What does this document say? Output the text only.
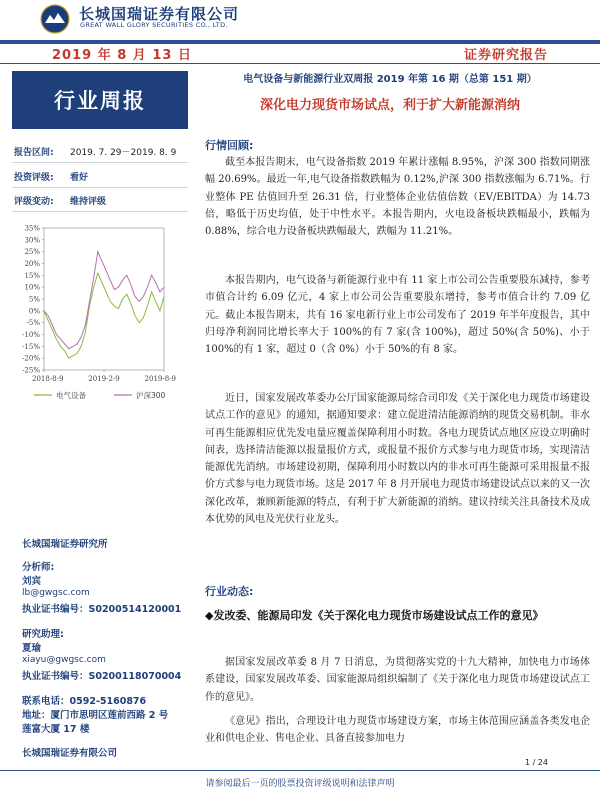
长城国瑞证券有限公司
GREAT WALL GLORY SECURITIES CO., LTD.
2019 年 8 月 13 日	证券研究报告
行业周报
电气设备与新能源行业双周报 2019 年第 16 期（总第 151 期）
深化电力现货市场试点，利于扩大新能源消纳
报告区间: 2019. 7. 29－2019. 8. 9
投资评级: 看好
评级变动: 维持评级
35%
30%
25%
20%
15%
10%
5%
0%
-5%
-10%
-15%
-20%
-25%
2018-8-9	2019-2-9	2019-8-9
电气设备	沪深300
长城国瑞证券研究所
分析师:
刘宾
lb@gwgsc.com
执业证书编号：S0200514120001
研究助理:
夏瑜
xiayu@gwgsc.com
执业证书编号：S0200118070004
联系电话：0592-5160876
地址：厦门市思明区莲前西路 2 号
莲富大厦 17 楼
长城国瑞证券有限公司
行情回顾:
截至本报告期末，电气设备指数 2019 年累计涨幅 8.95%，沪深 300 指数同期涨幅 20.69%。最近一年,电气设备指数跌幅为 0.12%,沪深 300 指数涨幅为 6.71%。行业整体 PE 估值回升至 26.31 倍，行业整体企业估值倍数（EV/EBITDA）为 14.73 倍，略低于历史均值，处于中性水平。本报告期内，火电设备板块跌幅最小，跌幅为 0.88%，综合电力设备板块跌幅最大，跌幅为 11.21%。
本报告期内，电气设备与新能源行业中有 11 家上市公司公告重要股东减持，参考市值合计约 6.09 亿元，4 家上市公司公告重要股东增持，参考市值合计约 7.09 亿元。截止本报告期末，共有 16 家电新行业上市公司发布了 2019 年半年度报告，其中归母净利润同比增长率大于 100%的有 7 家(含 100%)，超过 50%(含 50%)、小于 100%的有 1 家，超过 0（含 0%）小于 50%的有 8 家。
近日，国家发展改革委办公厅国家能源局综合司印发《关于深化电力现货市场建设试点工作的意见》的通知，据通知要求：建立促进清洁能源消纳的现货交易机制。非水可再生能源相应优先发电量应覆盖保障利用小时数。各电力现货试点地区应设立明确时间表，选择清洁能源以报量报价方式，或报量不报价方式参与电力现货市场，实现清洁能源优先消纳。市场建设初期，保障利用小时数以内的非水可再生能源可采用报量不报价方式参与电力现货市场。这是 2017 年 8 月开展电力现货市场建设试点以来的又一次深化改革，兼顾新能源的特点，有利于扩大新能源的消纳。建议持续关注具备技术及成本优势的风电及光伏行业龙头。
行业动态:
◆发改委、能源局印发《关于深化电力现货市场建设试点工作的意见》
据国家发展改革委 8 月 7 日消息，为贯彻落实党的十九大精神，加快电力市场体系建设，国家发展改革委、国家能源局组织编制了《关于深化电力现货市场建设试点工作的意见》。
《意见》指出，合理设计电力现货市场建设方案，市场主体范围应涵盖各类发电企业和供电企业、售电企业、具备直接参加电力
1 / 24
请参阅最后一页的股票投资评级说明和法律声明
